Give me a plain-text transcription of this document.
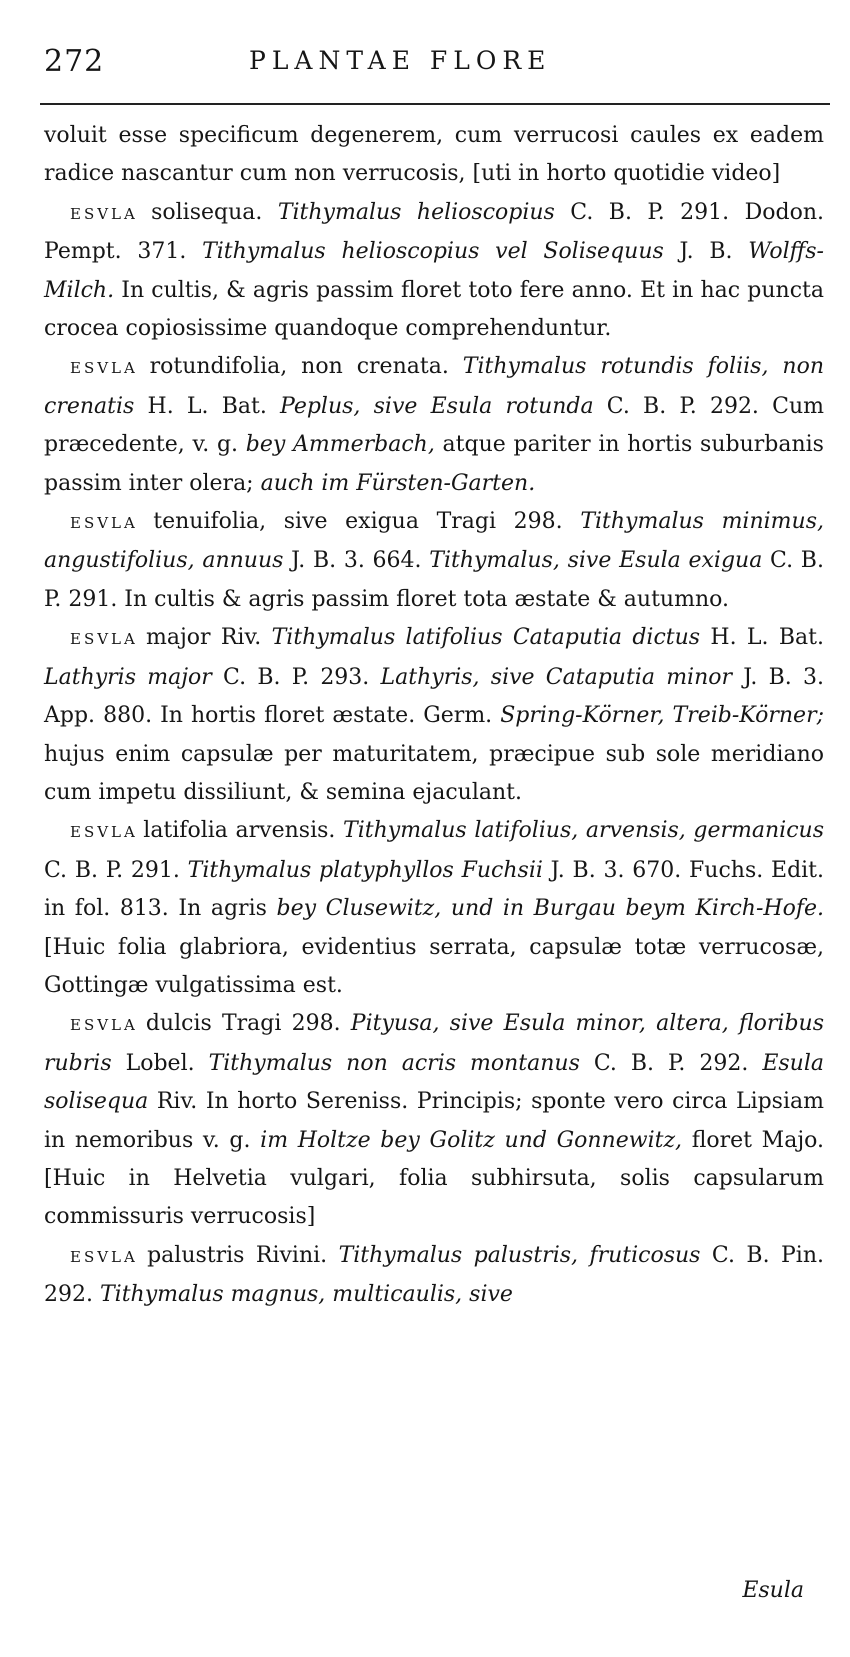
272	PLANTAE FLORE

voluit esse specificum degenerem, cum verrucosi caules ex eadem radice nascantur cum non verrucosis, [uti in horto quotidie video]

ESVLA solisequa. Tithymalus helioscopius C. B. P. 291. Dodon. Pempt. 371. Tithymalus helioscopius vel Solisequus J. B. Wolffs-Milch. In cultis, & agris passim floret toto fere anno. Et in hac puncta crocea copiosissime quandoque comprehenduntur.

ESVLA rotundifolia, non crenata. Tithymalus rotundis foliis, non crenatis H. L. Bat. Peplus, sive Esula rotunda C. B. P. 292. Cum præcedente, v. g. bey Ammerbach, atque pariter in hortis suburbanis passim inter olera; auch im Fürsten-Garten.

ESVLA tenuifolia, sive exigua Tragi 298. Tithymalus minimus, angustifolius, annuus J. B. 3. 664. Tithymalus, sive Esula exigua C. B. P. 291. In cultis & agris passim floret tota æstate & autumno.

ESVLA major Riv. Tithymalus latifolius Cataputia dictus H. L. Bat. Lathyris major C. B. P. 293. Lathyris, sive Cataputia minor J. B. 3. App. 880. In hortis floret æstate. Germ. Spring-Körner, Treib-Körner; hujus enim capsulæ per maturitatem, præcipue sub sole meridiano cum impetu dissiliunt, & semina ejaculant.

ESVLA latifolia arvensis. Tithymalus latifolius, arvensis, germanicus C. B. P. 291. Tithymalus platyphyllos Fuchsii J. B. 3. 670. Fuchs. Edit. in fol. 813. In agris bey Clusewitz, und in Burgau beym Kirch-Hofe. [Huic folia glabriora, evidentius serrata, capsulæ totæ verrucosæ, Gottingæ vulgatissima est.

ESVLA dulcis Tragi 298. Pityusa, sive Esula minor, altera, floribus rubris Lobel. Tithymalus non acris montanus C. B. P. 292. Esula solisequa Riv. In horto Sereniss. Principis; sponte vero circa Lipsiam in nemoribus v. g. im Holtze bey Golitz und Gonnewitz, floret Majo. [Huic in Helvetia vulgari, folia subhirsuta, solis capsularum commissuris verrucosis]

ESVLA palustris Rivini. Tithymalus palustris, fruticosus C. B. Pin. 292. Tithymalus magnus, multicaulis, sive

Esula
